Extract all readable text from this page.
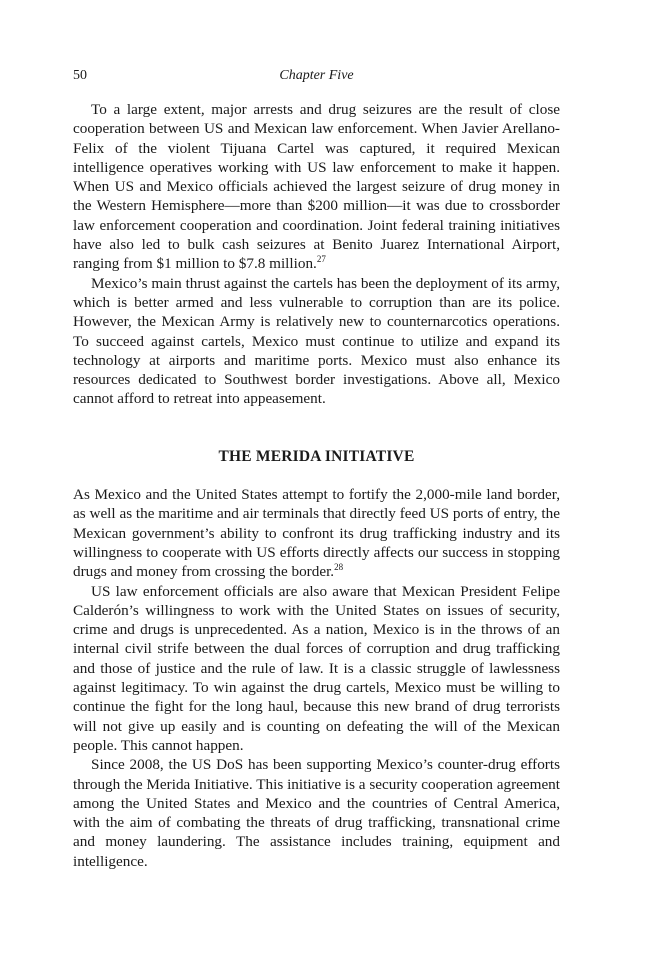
50	Chapter Five

To a large extent, major arrests and drug seizures are the result of close cooperation between US and Mexican law enforcement. When Javier Arellano-Felix of the violent Tijuana Cartel was captured, it required Mexican intelligence operatives working with US law enforcement to make it happen. When US and Mexico officials achieved the largest seizure of drug money in the Western Hemisphere—more than $200 million—it was due to crossborder law enforcement cooperation and coordination. Joint federal training initiatives have also led to bulk cash seizures at Benito Juarez International Airport, ranging from $1 million to $7.8 million.$^{27}$

Mexico’s main thrust against the cartels has been the deployment of its army, which is better armed and less vulnerable to corruption than are its police. However, the Mexican Army is relatively new to counternarcotics operations. To succeed against cartels, Mexico must continue to utilize and expand its technology at airports and maritime ports. Mexico must also enhance its resources dedicated to Southwest border investigations. Above all, Mexico cannot afford to retreat into appeasement.

THE MERIDA INITIATIVE

As Mexico and the United States attempt to fortify the 2,000-mile land border, as well as the maritime and air terminals that directly feed US ports of entry, the Mexican government’s ability to confront its drug trafficking industry and its willingness to cooperate with US efforts directly affects our success in stopping drugs and money from crossing the border.$^{28}$

US law enforcement officials are also aware that Mexican President Felipe Calderón’s willingness to work with the United States on issues of security, crime and drugs is unprecedented. As a nation, Mexico is in the throws of an internal civil strife between the dual forces of corruption and drug trafficking and those of justice and the rule of law. It is a classic struggle of lawlessness against legitimacy. To win against the drug cartels, Mexico must be willing to continue the fight for the long haul, because this new brand of drug terrorists will not give up easily and is counting on defeating the will of the Mexican people. This cannot happen.

Since 2008, the US DoS has been supporting Mexico’s counter-drug efforts through the Merida Initiative. This initiative is a security cooperation agreement among the United States and Mexico and the countries of Central America, with the aim of combating the threats of drug trafficking, transnational crime and money laundering. The assistance includes training, equipment and intelligence.
